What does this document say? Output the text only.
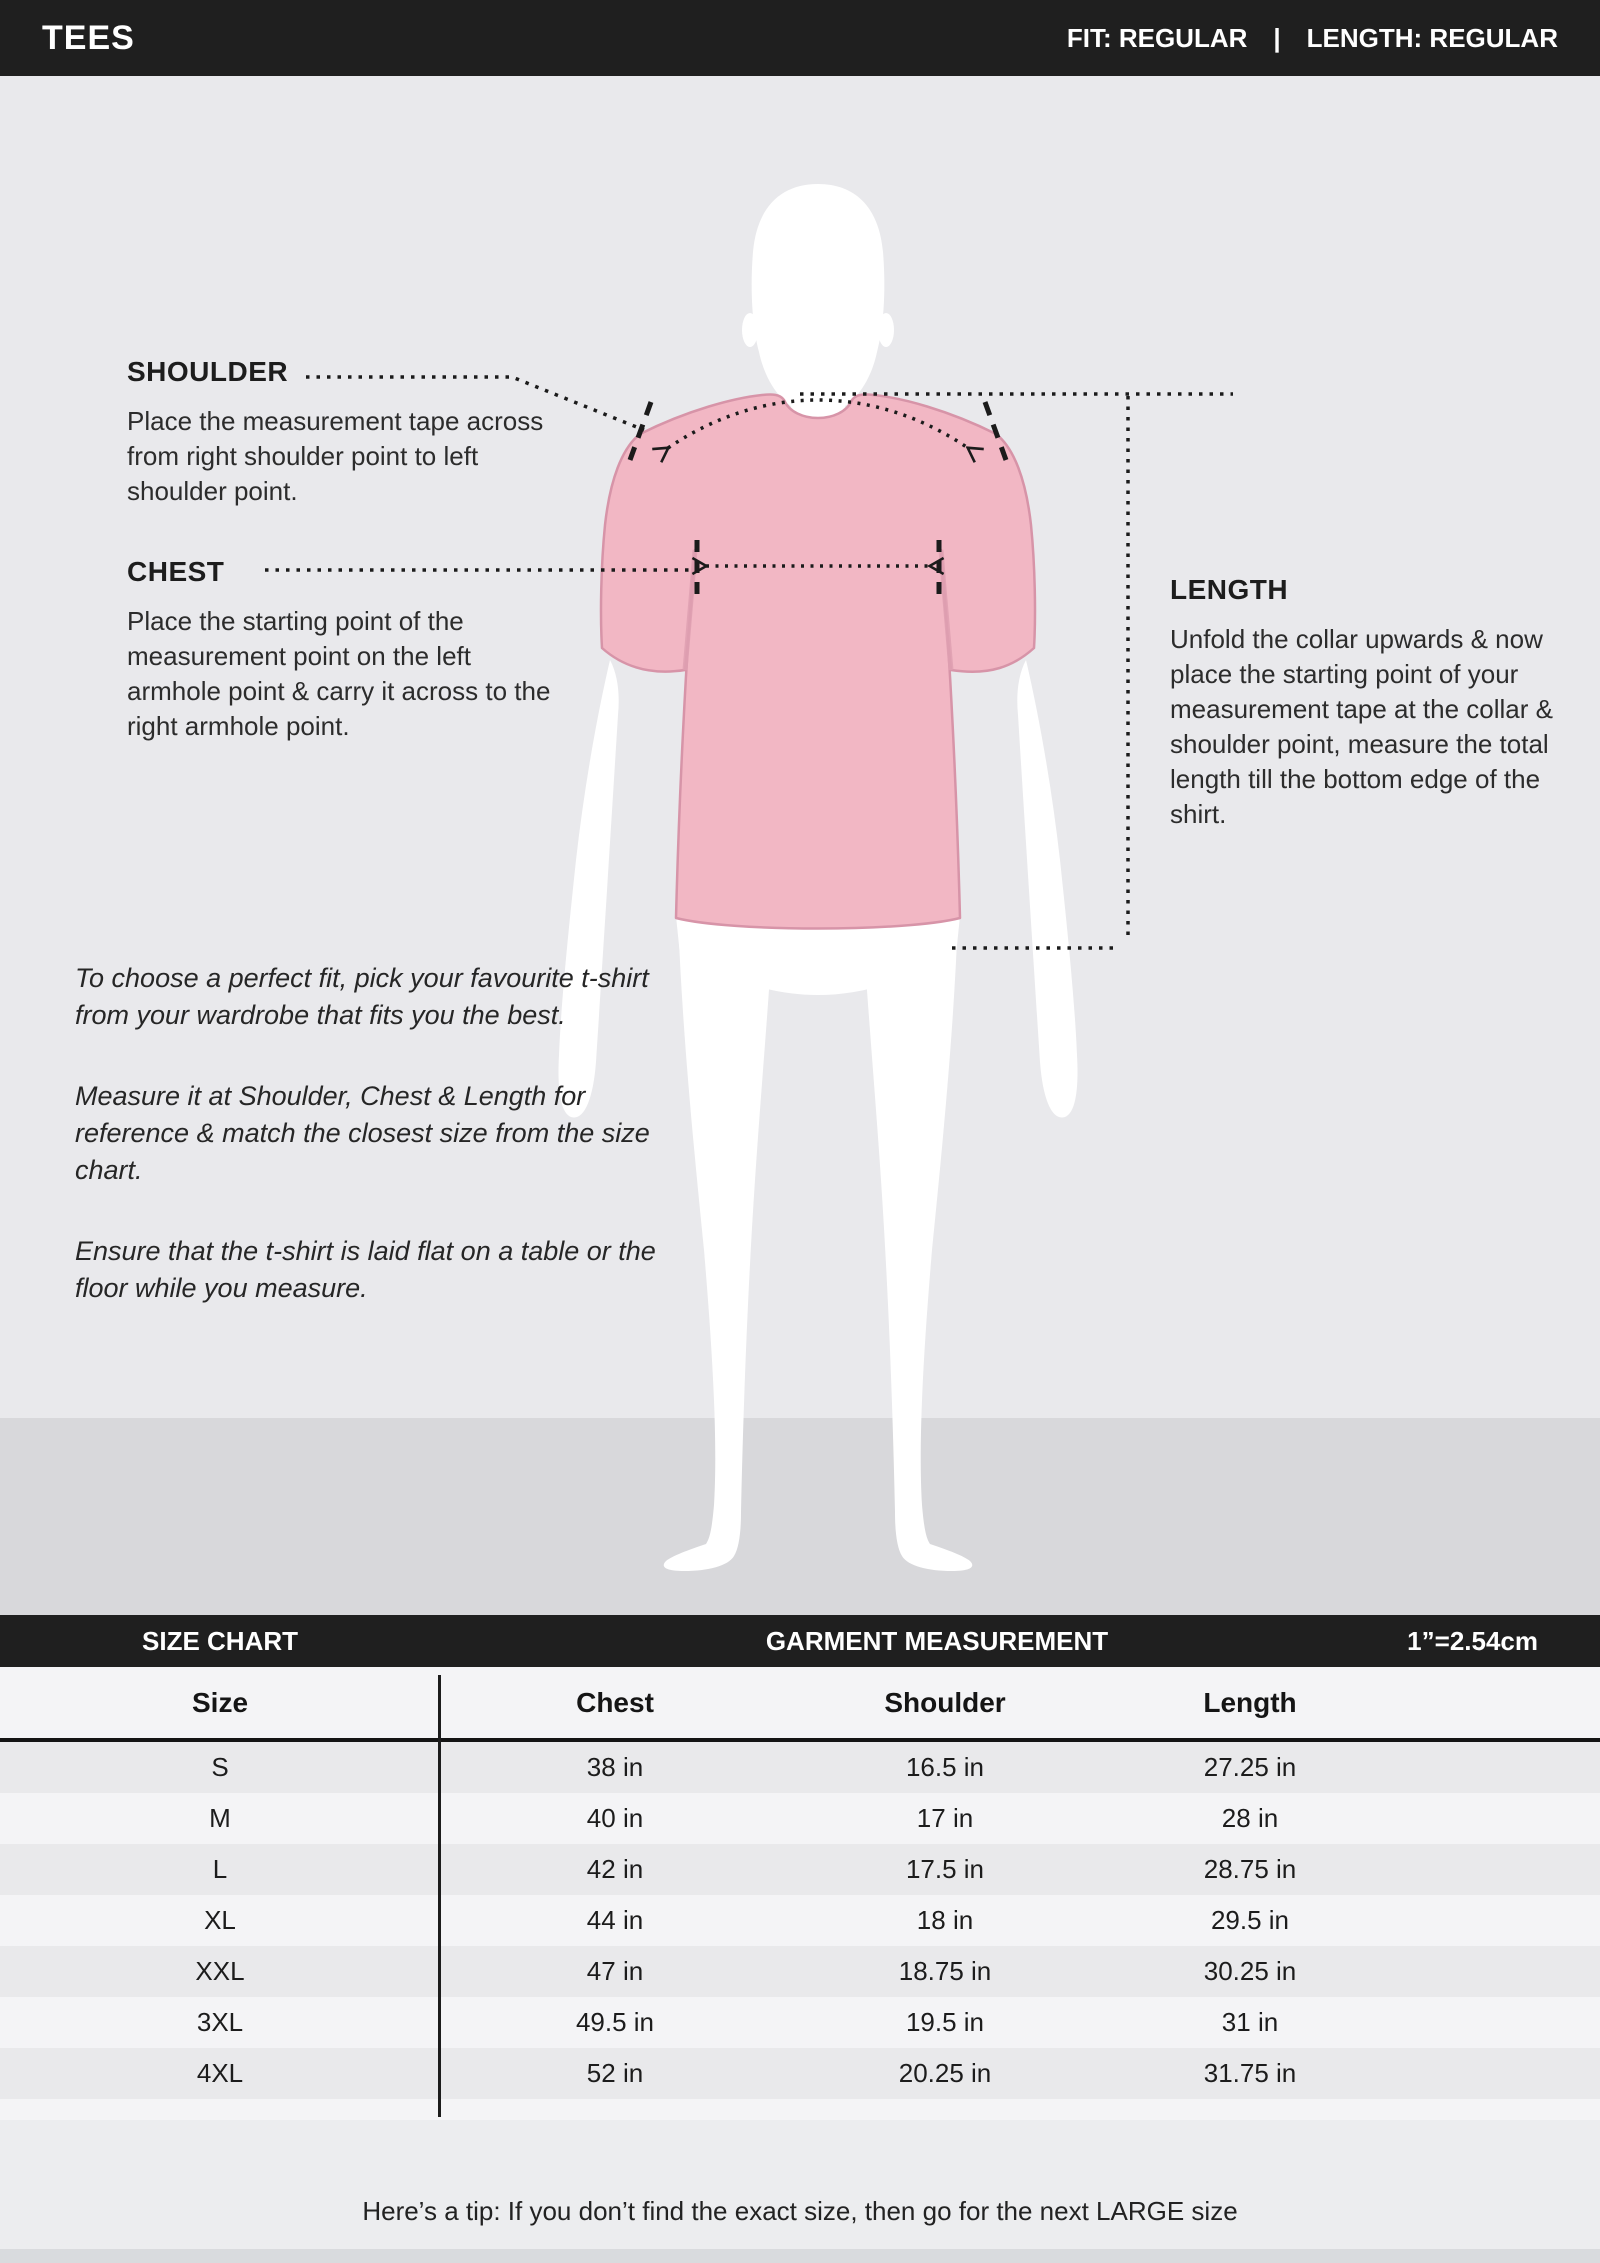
TEES	FIT: REGULAR | LENGTH: REGULAR
SHOULDER

Place the measurement tape across from right shoulder point to left shoulder point.

CHEST

Place the starting point of the measurement point on the left armhole point & carry it across to the right armhole point.

LENGTH

Unfold the collar upwards & now place the starting point of your measurement tape at the collar & shoulder point, measure the total length till the bottom edge of the shirt.

To choose a perfect fit, pick your favourite t-shirt from your wardrobe that fits you the best.

Measure it at Shoulder, Chest & Length for reference & match the closest size from the size chart.

Ensure that the t-shirt is laid flat on a table or the floor while you measure.

SIZE CHART	GARMENT MEASUREMENT	1”=2.54cm
Size	Chest	Shoulder	Length
S	38 in	16.5 in	27.25 in
M	40 in	17 in	28 in
L	42 in	17.5 in	28.75 in
XL	44 in	18 in	29.5 in
XXL	47 in	18.75 in	30.25 in
3XL	49.5 in	19.5 in	31 in
4XL	52 in	20.25 in	31.75 in
Here’s a tip: If you don’t find the exact size, then go for the next LARGE size
